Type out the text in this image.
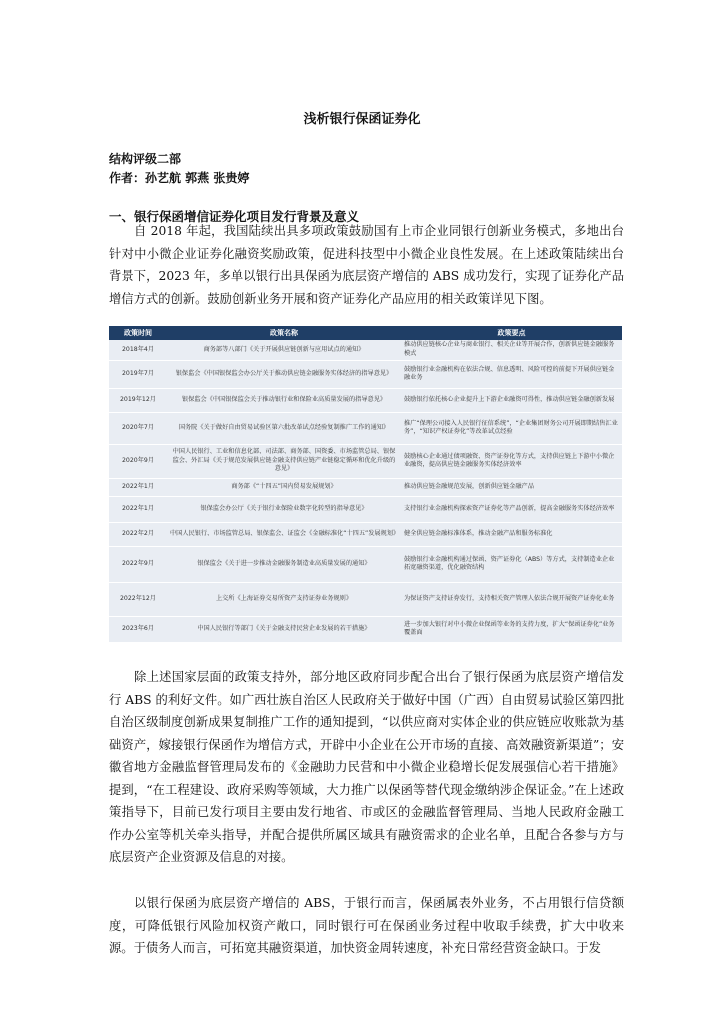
浅析银行保函证券化
结构评级二部
作者：孙艺航 郭燕 张贵婷
一、银行保函增信证券化项目发行背景及意义

自 2018 年起，我国陆续出具多项政策鼓励国有上市企业同银行创新业务模式，多地出台针对中小微企业证券化融资奖励政策，促进科技型中小微企业良性发展。在上述政策陆续出台背景下，2023 年，多单以银行出具保函为底层资产增信的 ABS 成功发行，实现了证券化产品增信方式的创新。鼓励创新业务开展和资产证券化产品应用的相关政策详见下图。

政策时间	政策名称	政策要点
2018年4月	商务部等八部门《关于开展供应链创新与应用试点的通知》	推动供应链核心企业与商业银行、相关企业等开展合作，创新供应链金融服务模式
2019年7月	银保监会《中国银保监会办公厅关于推动供应链金融服务实体经济的指导意见》	鼓励银行业金融机构在依法合规、信息透明、风险可控的前提下开展供应链金融业务
2019年12月	银保监会《中国银保监会关于推动银行业和保险业高质量发展的指导意见》	鼓励银行依托核心企业提升上下游企业融资可得性，推动供应链金融创新发展
2020年7月	国务院《关于做好自由贸易试验区第六批改革试点经验复制推广工作的通知》	推广“保理公司接入人民银行征信系统”，“企业集团财务公司开展即期结售汇业务”，“知识产权证券化”等改革试点经验
2020年9月	中国人民银行、工业和信息化部、司法部、商务部、国资委、市场监管总局、银保监会、外汇局《关于规范发展供应链金融支持供应链产业链稳定循环和优化升级的意见》	鼓励核心企业通过债项融资、资产证券化等方式，支持供应链上下游中小微企业融资，提高供应链金融服务实体经济效率
2022年1月	商务部《“十四五”国内贸易发展规划》	推动供应链金融规范发展，创新供应链金融产品
2022年1月	银保监会办公厅《关于银行业保险业数字化转型的指导意见》	支持银行业金融机构探索资产证券化等产品创新，提高金融服务实体经济效率
2022年2月	中国人民银行、市场监管总局、银保监会、证监会《金融标准化“十四五”发展规划》	健全供应链金融标准体系，推动金融产品和服务标准化
2022年9月	银保监会《关于进一步推动金融服务制造业高质量发展的通知》	鼓励银行业金融机构通过保函、资产证券化（ABS）等方式，支持制造业企业拓宽融资渠道，优化融资结构
2022年12月	上交所《上海证券交易所资产支持证券业务规则》	为保证资产支持证券发行，支持相关资产管理人依法合规开展资产证券化业务
2023年6月	中国人民银行等部门《关于金融支持民营企业发展的若干措施》	进一步加大银行对中小微企业保函等业务的支持力度，扩大“保函证券化”业务覆盖面

除上述国家层面的政策支持外，部分地区政府同步配合出台了银行保函为底层资产增信发行 ABS 的利好文件。如广西壮族自治区人民政府关于做好中国（广西）自由贸易试验区第四批自治区级制度创新成果复制推广工作的通知提到，“以供应商对实体企业的供应链应收账款为基础资产，嫁接银行保函作为增信方式，开辟中小企业在公开市场的直接、高效融资新渠道”；安徽省地方金融监督管理局发布的《金融助力民营和中小微企业稳增长促发展强信心若干措施》提到，“在工程建设、政府采购等领域，大力推广以保函等替代现金缴纳涉企保证金。”在上述政策指导下，目前已发行项目主要由发行地省、市或区的金融监督管理局、当地人民政府金融工作办公室等机关牵头指导，并配合提供所属区域具有融资需求的企业名单，且配合各参与方与底层资产企业资源及信息的对接。

以银行保函为底层资产增信的 ABS，于银行而言，保函属表外业务，不占用银行信贷额度，可降低银行风险加权资产敞口，同时银行可在保函业务过程中收取手续费，扩大中收来源。于债务人而言，可拓宽其融资渠道，加快资金周转速度，补充日常经营资金缺口。于发
